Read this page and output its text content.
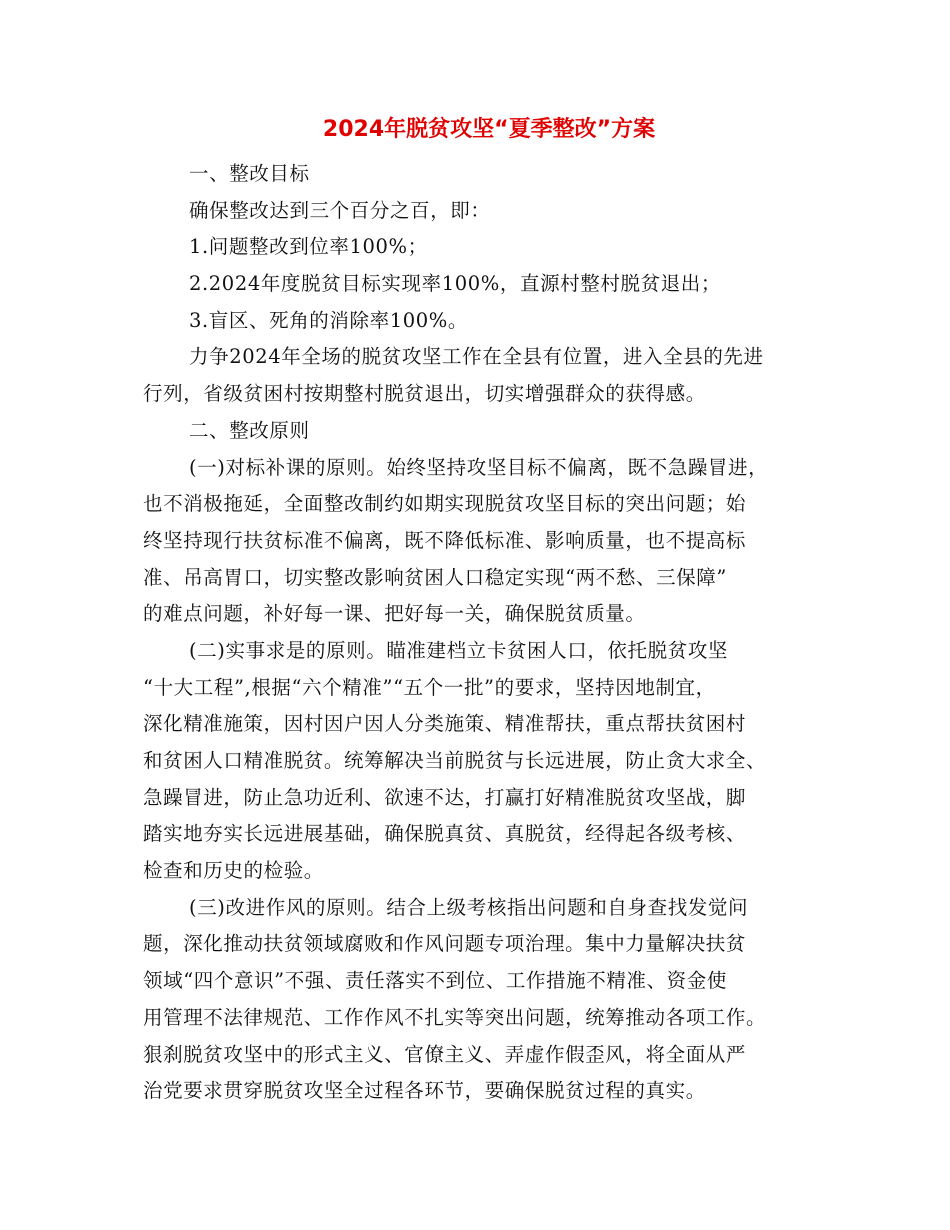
2024年脱贫攻坚“夏季整改”方案
一、整改目标
确保整改达到三个百分之百，即：
1.问题整改到位率100%；
2.2024年度脱贫目标实现率100%，直源村整村脱贫退出；
3.盲区、死角的消除率100%。
力争2024年全场的脱贫攻坚工作在全县有位置，进入全县的先进
行列，省级贫困村按期整村脱贫退出，切实增强群众的获得感。
二、整改原则
(一)对标补课的原则。始终坚持攻坚目标不偏离，既不急躁冒进，
也不消极拖延，全面整改制约如期实现脱贫攻坚目标的突出问题；始
终坚持现行扶贫标准不偏离，既不降低标准、影响质量，也不提高标
准、吊高胃口，切实整改影响贫困人口稳定实现“两不愁、三保障”
的难点问题，补好每一课、把好每一关，确保脱贫质量。
(二)实事求是的原则。瞄准建档立卡贫困人口，依托脱贫攻坚
“十大工程”,根据“六个精准”“五个一批”的要求，坚持因地制宜，
深化精准施策，因村因户因人分类施策、精准帮扶，重点帮扶贫困村
和贫困人口精准脱贫。统筹解决当前脱贫与长远进展，防止贪大求全、
急躁冒进，防止急功近利、欲速不达，打赢打好精准脱贫攻坚战，脚
踏实地夯实长远进展基础，确保脱真贫、真脱贫，经得起各级考核、
检查和历史的检验。
(三)改进作风的原则。结合上级考核指出问题和自身查找发觉问
题，深化推动扶贫领域腐败和作风问题专项治理。集中力量解决扶贫
领域“四个意识”不强、责任落实不到位、工作措施不精准、资金使
用管理不法律规范、工作作风不扎实等突出问题，统筹推动各项工作。
狠刹脱贫攻坚中的形式主义、官僚主义、弄虚作假歪风，将全面从严
治党要求贯穿脱贫攻坚全过程各环节，要确保脱贫过程的真实。
